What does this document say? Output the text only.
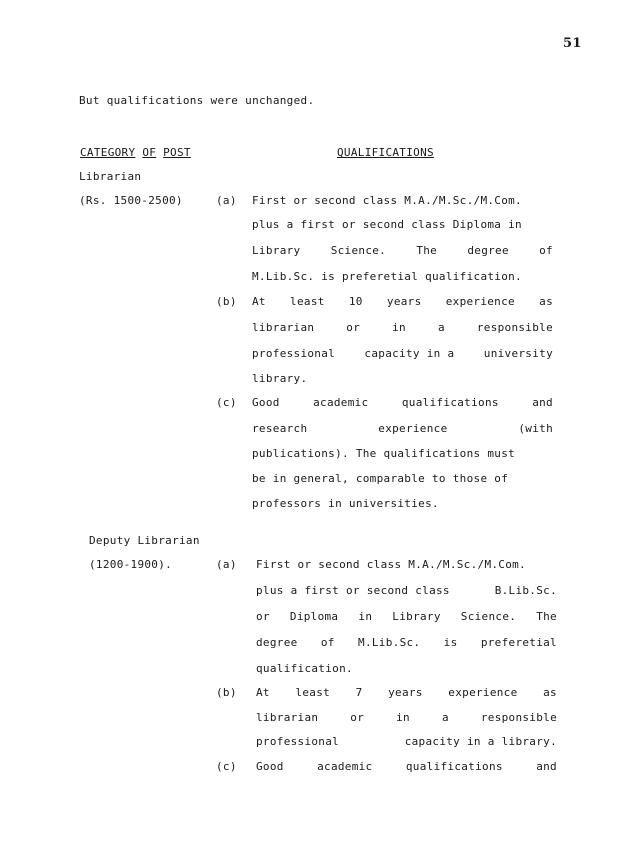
51
But qualifications were unchanged.
CATEGORY OF POST	QUALIFICATIONS
Librarian
(Rs. 1500-2500)	(a) First or second class M.A./M.Sc./M.Com.
plus a first or second class Diploma in
Library	Science.	The	degree	of
M.Lib.Sc. is preferetial qualification.
(b) At least 10 years experience as
librarian	or	in	a	responsible
professional	capacity in a	university
library.
(c) Good	academic	qualifications	and
research	experience	(with
publications). The qualifications must
be in general, comparable to those of
professors in universities.
Deputy Librarian
(1200-1900).	(a) First or second class M.A./M.Sc./M.Com.
plus a first or second class	B.Lib.Sc.
or Diploma in Library Science. The
degree of M.Lib.Sc. is preferetial
qualification.
(b) At least 7 years experience as
librarian	or	in	a	responsible
professional	capacity in a library.
(c) Good	academic	qualifications	and
